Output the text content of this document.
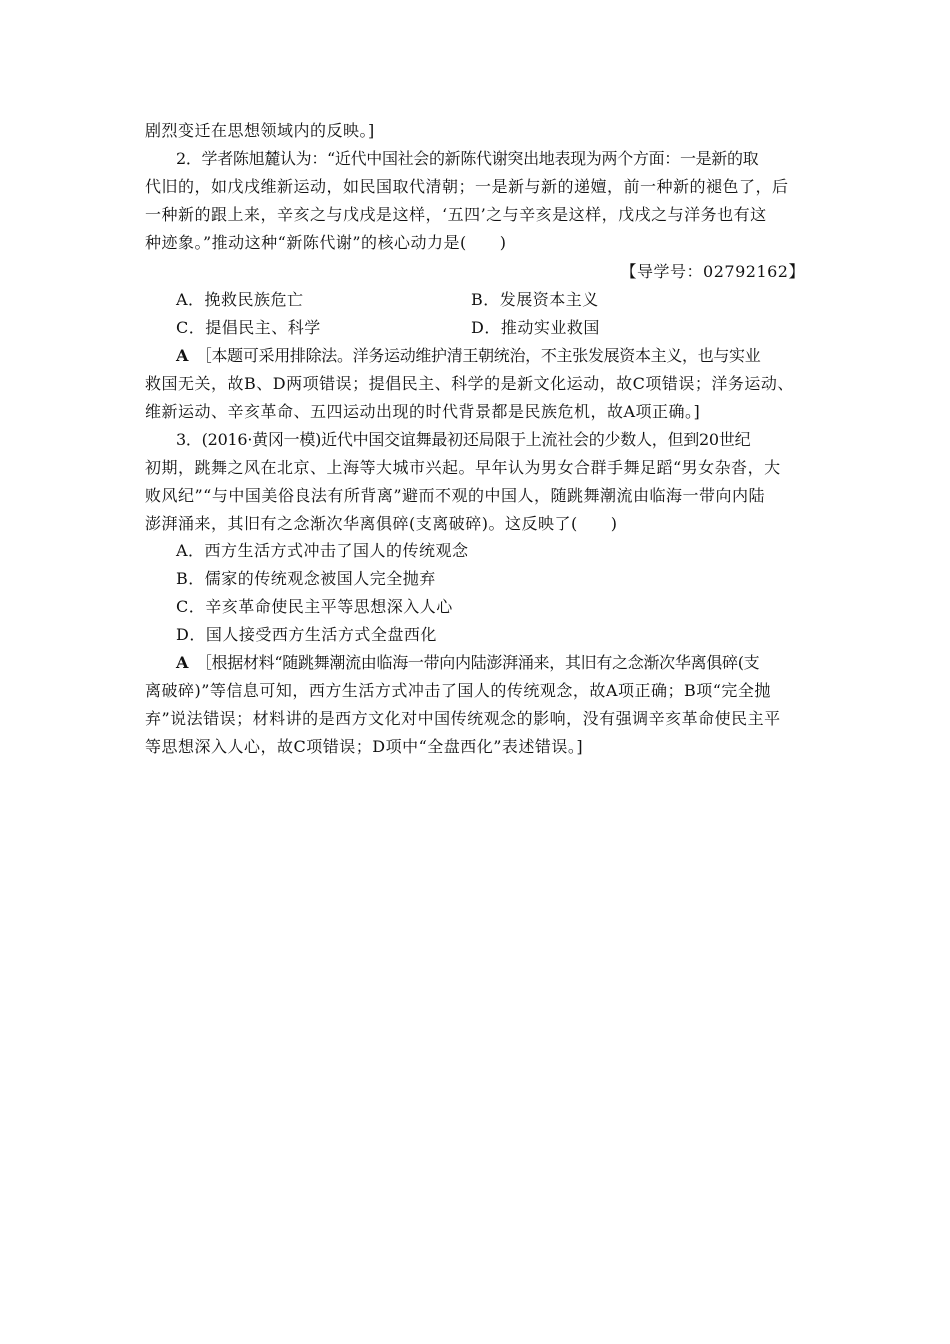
剧烈变迁在思想领域内的反映。]
2．学者陈旭麓认为：“近代中国社会的新陈代谢突出地表现为两个方面：一是新的取
代旧的，如戊戌维新运动，如民国取代清朝；一是新与新的递嬗，前一种新的褪色了，后
一种新的跟上来，辛亥之与戊戌是这样，‘五四’之与辛亥是这样，戊戌之与洋务也有这
种迹象。”推动这种“新陈代谢”的核心动力是(　　)
【导学号：02792162】
A．挽救民族危亡	B．发展资本主义
C．提倡民主、科学	D．推动实业救国
A　 ［本题可采用排除法。洋务运动维护清王朝统治，不主张发展资本主义，也与实业
救国无关，故B、D两项错误；提倡民主、科学的是新文化运动，故C项错误；洋务运动、
维新运动、辛亥革命、五四运动出现的时代背景都是民族危机，故A项正确。]
3．(2016·黄冈一模)近代中国交谊舞最初还局限于上流社会的少数人，但到20世纪
初期，跳舞之风在北京、上海等大城市兴起。早年认为男女合群手舞足蹈“男女杂沓，大
败风纪”“与中国美俗良法有所背离”避而不观的中国人，随跳舞潮流由临海一带向内陆
澎湃涌来，其旧有之念渐次华离俱碎(支离破碎)。这反映了(　　)
A．西方生活方式冲击了国人的传统观念
B．儒家的传统观念被国人完全抛弃
C．辛亥革命使民主平等思想深入人心
D．国人接受西方生活方式全盘西化
A　 ［根据材料“随跳舞潮流由临海一带向内陆澎湃涌来，其旧有之念渐次华离俱碎(支
离破碎)”等信息可知，西方生活方式冲击了国人的传统观念，故A项正确；B项“完全抛
弃”说法错误；材料讲的是西方文化对中国传统观念的影响，没有强调辛亥革命使民主平
等思想深入人心，故C项错误；D项中“全盘西化”表述错误。]
